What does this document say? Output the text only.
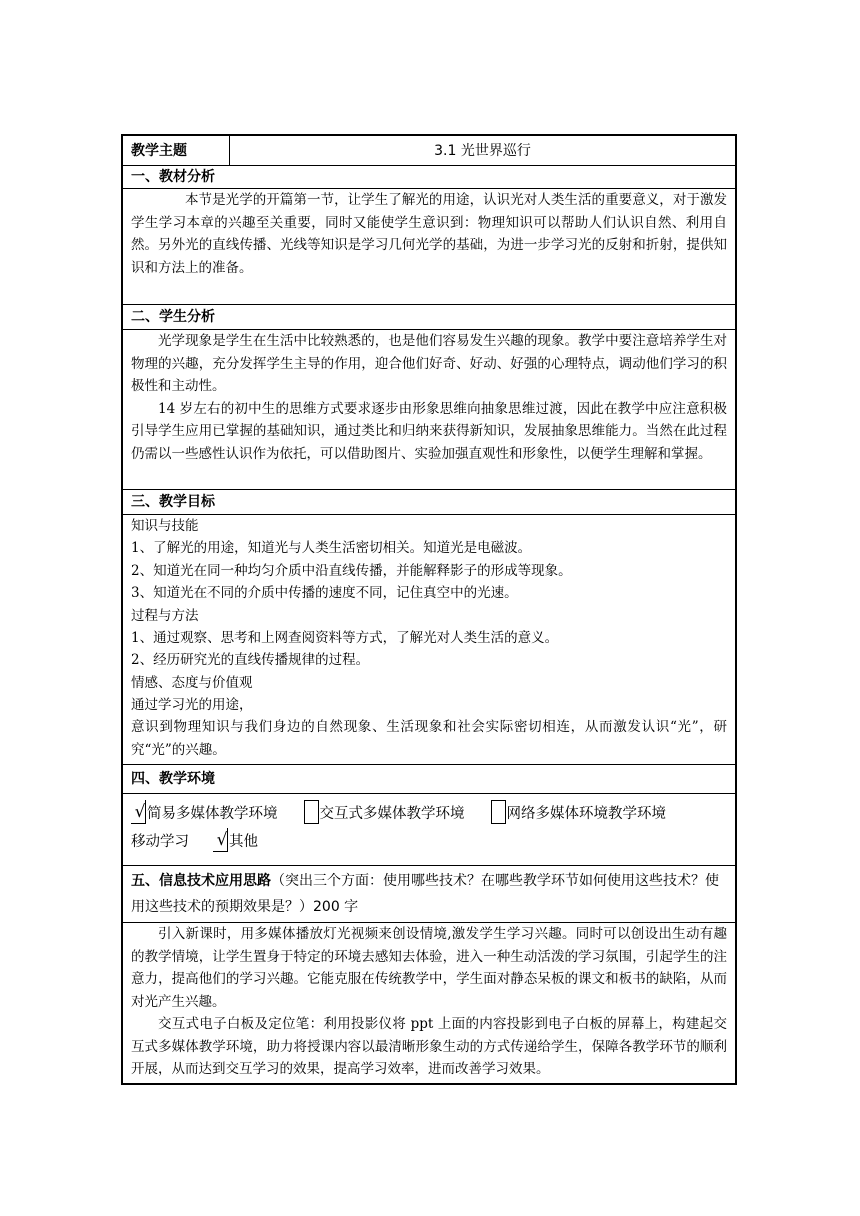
教学主题	3.1 光世界巡行
一、教材分析

本节是光学的开篇第一节，让学生了解光的用途，认识光对人类生活的重要意义，对于激发学生学习本章的兴趣至关重要，同时又能使学生意识到：物理知识可以帮助人们认识自然、利用自然。另外光的直线传播、光线等知识是学习几何光学的基础，为进一步学习光的反射和折射，提供知识和方法上的准备。

二、学生分析

光学现象是学生在生活中比较熟悉的，也是他们容易发生兴趣的现象。教学中要注意培养学生对物理的兴趣，充分发挥学生主导的作用，迎合他们好奇、好动、好强的心理特点，调动他们学习的积极性和主动性。

14 岁左右的初中生的思维方式要求逐步由形象思维向抽象思维过渡，因此在教学中应注意积极引导学生应用已掌握的基础知识，通过类比和归纳来获得新知识，发展抽象思维能力。当然在此过程仍需以一些感性认识作为依托，可以借助图片、实验加强直观性和形象性，以便学生理解和掌握。

三、教学目标

知识与技能

1、了解光的用途，知道光与人类生活密切相关。知道光是电磁波。

2、知道光在同一种均匀介质中沿直线传播，并能解释影子的形成等现象。

3、知道光在不同的介质中传播的速度不同，记住真空中的光速。

过程与方法

1、通过观察、思考和上网查阅资料等方式，了解光对人类生活的意义。

2、经历研究光的直线传播规律的过程。

情感、态度与价值观

通过学习光的用途，

意识到物理知识与我们身边的自然现象、生活现象和社会实际密切相连，从而激发认识“光”，研究“光”的兴趣。

四、教学环境
√ 简易多媒体教学环境	交互式多媒体教学环境	网络多媒体环境教学环境
移动学习 √ 其他
五、信息技术应用思路（突出三个方面：使用哪些技术？在哪些教学环节如何使用这些技术？使用这些技术的预期效果是？）200 字

引入新课时，用多媒体播放灯光视频来创设情境,激发学生学习兴趣。同时可以创设出生动有趣的教学情境，让学生置身于特定的环境去感知去体验，进入一种生动活泼的学习氛围，引起学生的注意力，提高他们的学习兴趣。它能克服在传统教学中，学生面对静态呆板的课文和板书的缺陷，从而对光产生兴趣。

交互式电子白板及定位笔：利用投影仪将 ppt 上面的内容投影到电子白板的屏幕上，构建起交互式多媒体教学环境，助力将授课内容以最清晰形象生动的方式传递给学生，保障各教学环节的顺利开展，从而达到交互学习的效果，提高学习效率，进而改善学习效果。
